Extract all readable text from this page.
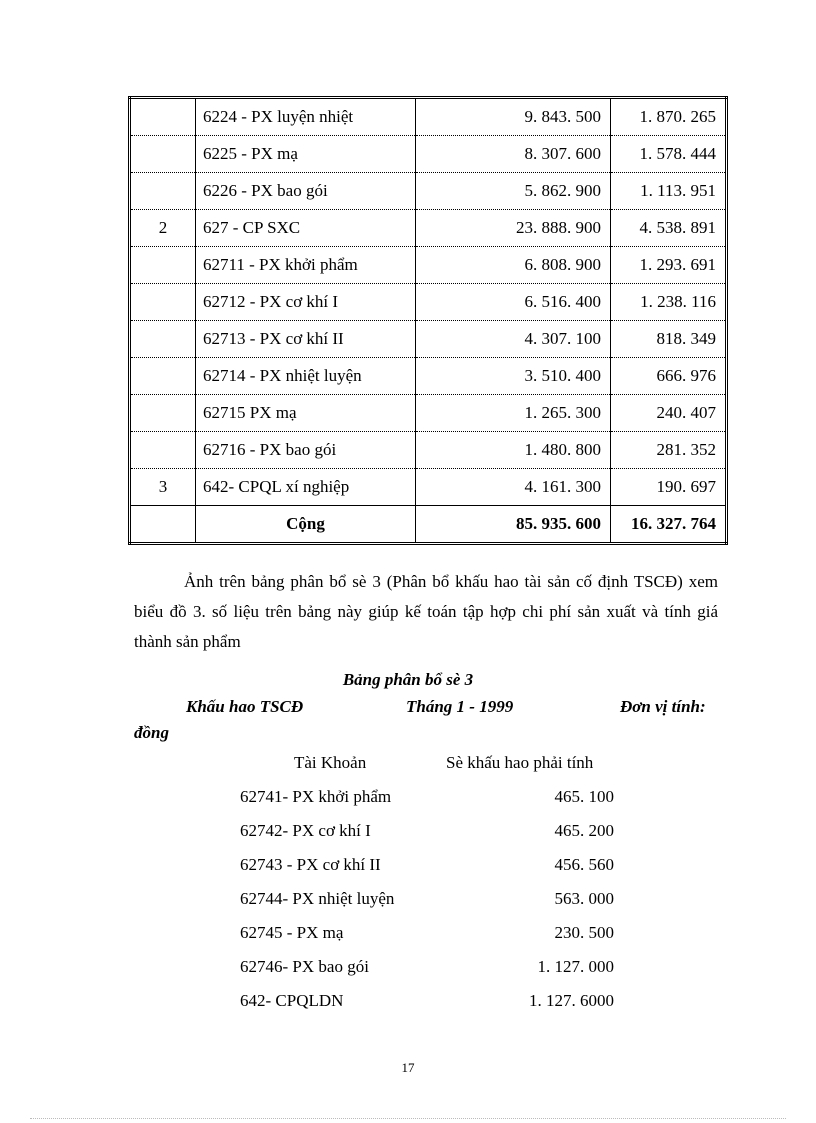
	6224 - PX luyện nhiệt	9. 843. 500	1. 870. 265
	6225 - PX mạ	8. 307. 600	1. 578. 444
	6226 - PX bao gói	5. 862. 900	1. 113. 951
2	627 - CP SXC	23. 888. 900	4. 538. 891
	62711 - PX khởi phẩm	6. 808. 900	1. 293. 691
	62712 - PX cơ khí I	6. 516. 400	1. 238. 116
	62713 - PX cơ khí II	4. 307. 100	818. 349
	62714 - PX nhiệt luyện	3. 510. 400	666. 976
	62715 PX mạ	1. 265. 300	240. 407
	62716 - PX bao gói	1. 480. 800	281. 352
3	642- CPQL xí nghiệp	4. 161. 300	190. 697
	Cộng	85. 935. 600	16. 327. 764

Ảnh trên bảng phân bổ sè 3 (Phân bổ khấu hao tài sản cố định TSCĐ) xem biểu đồ 3. số liệu trên bảng này giúp kế toán tập hợp chi phí sản xuất và tính giá thành sản phẩm

Bảng phân bổ sè 3
Khấu hao TSCĐ	Tháng 1 - 1999	Đơn vị tính:
đồng
Tài Khoản	Sè khấu hao phải tính
62741- PX khởi phẩm	465. 100
62742- PX cơ khí I	465. 200
62743 - PX cơ khí II	456. 560
62744- PX nhiệt luyện	563. 000
62745 - PX mạ	230. 500
62746- PX bao gói	1. 127. 000
642- CPQLDN	1. 127. 6000
17
